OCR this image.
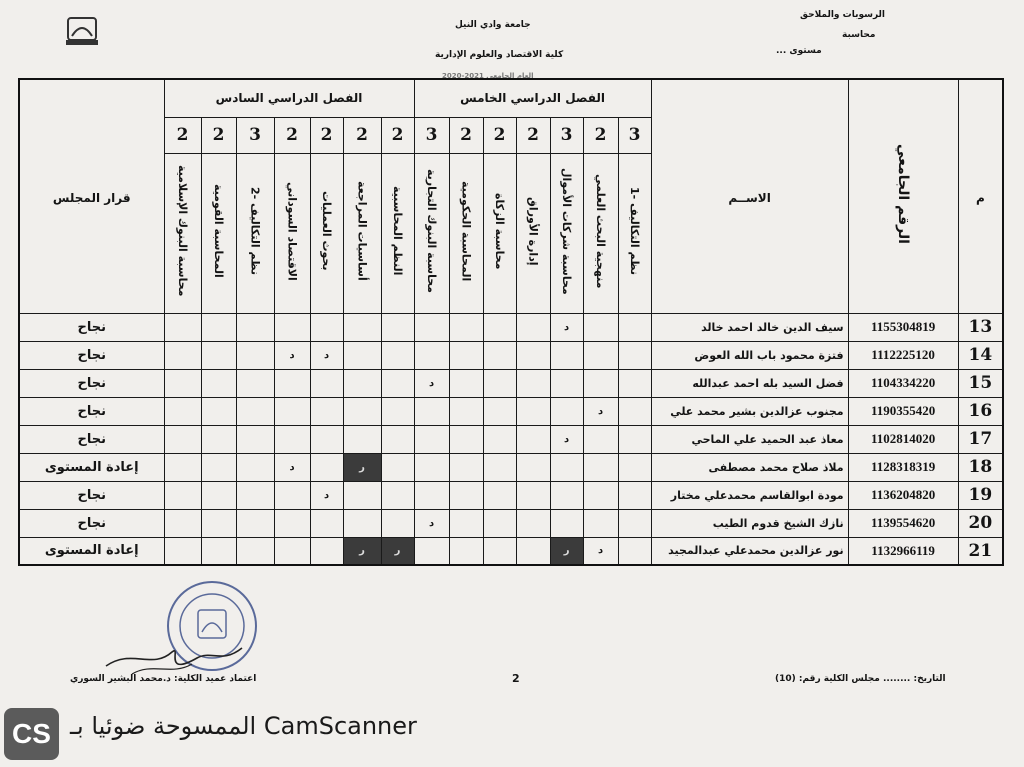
جامعة وادي النيل
كلية الاقتصاد والعلوم الإدارية
العام الجامعي 2021-2020
الرسوبات والملاحق
محاسبة
مستوى ...
م	الرقم الجامعي	الاســم	الفصل الدراسي الخامس							الفصل الدراسي السادس							قرار المجلس
			3	2	3	2	2	2	3	2	2	2	2	3	2	2	
			نظم التكاليف -1	منهجية البحث العلمي	محاسبة شركات الأموال	إدارة الأوراق	محاسبة الزكاة	المحاسبة الحكومية	محاسبة البنوك التجارية	النظم المحاسبية	أساسيات المراجعة	بحوث العمليات	الاقتصاد السوداني	نظم التكاليف -2	المحاسبة القومية	محاسبة البنوك الإسلامية	
13	1155304819	سيف الدين خالد احمد خالد			د												نجاح
14	1112225120	فتزة محمود باب الله العوض										د	د				نجاح
15	1104334220	فضل السيد بله احمد عبدالله							د								نجاح
16	1190355420	مجنوب عزالدين بشير محمد علي		د													نجاح
17	1102814020	معاذ عبد الحميد علي الماحي			د												نجاح
18	1128318319	ملاذ صلاح محمد مصطفى									ر		د				إعادة المستوى
19	1136204820	مودة ابوالقاسم محمدعلي مختار										د					نجاح
20	1139554620	نازك الشيخ قدوم الطيب							د								نجاح
21	1132966119	نور عزالدين محمدعلي عبدالمجيد		د	ر					ر	ر						إعادة المستوى
اعتماد عميد الكلية: د.محمد البشير السوري	2	التاريخ: ........ مجلس الكلية رقم: (10)
CS الممسوحة ضوئيا بـ CamScanner
